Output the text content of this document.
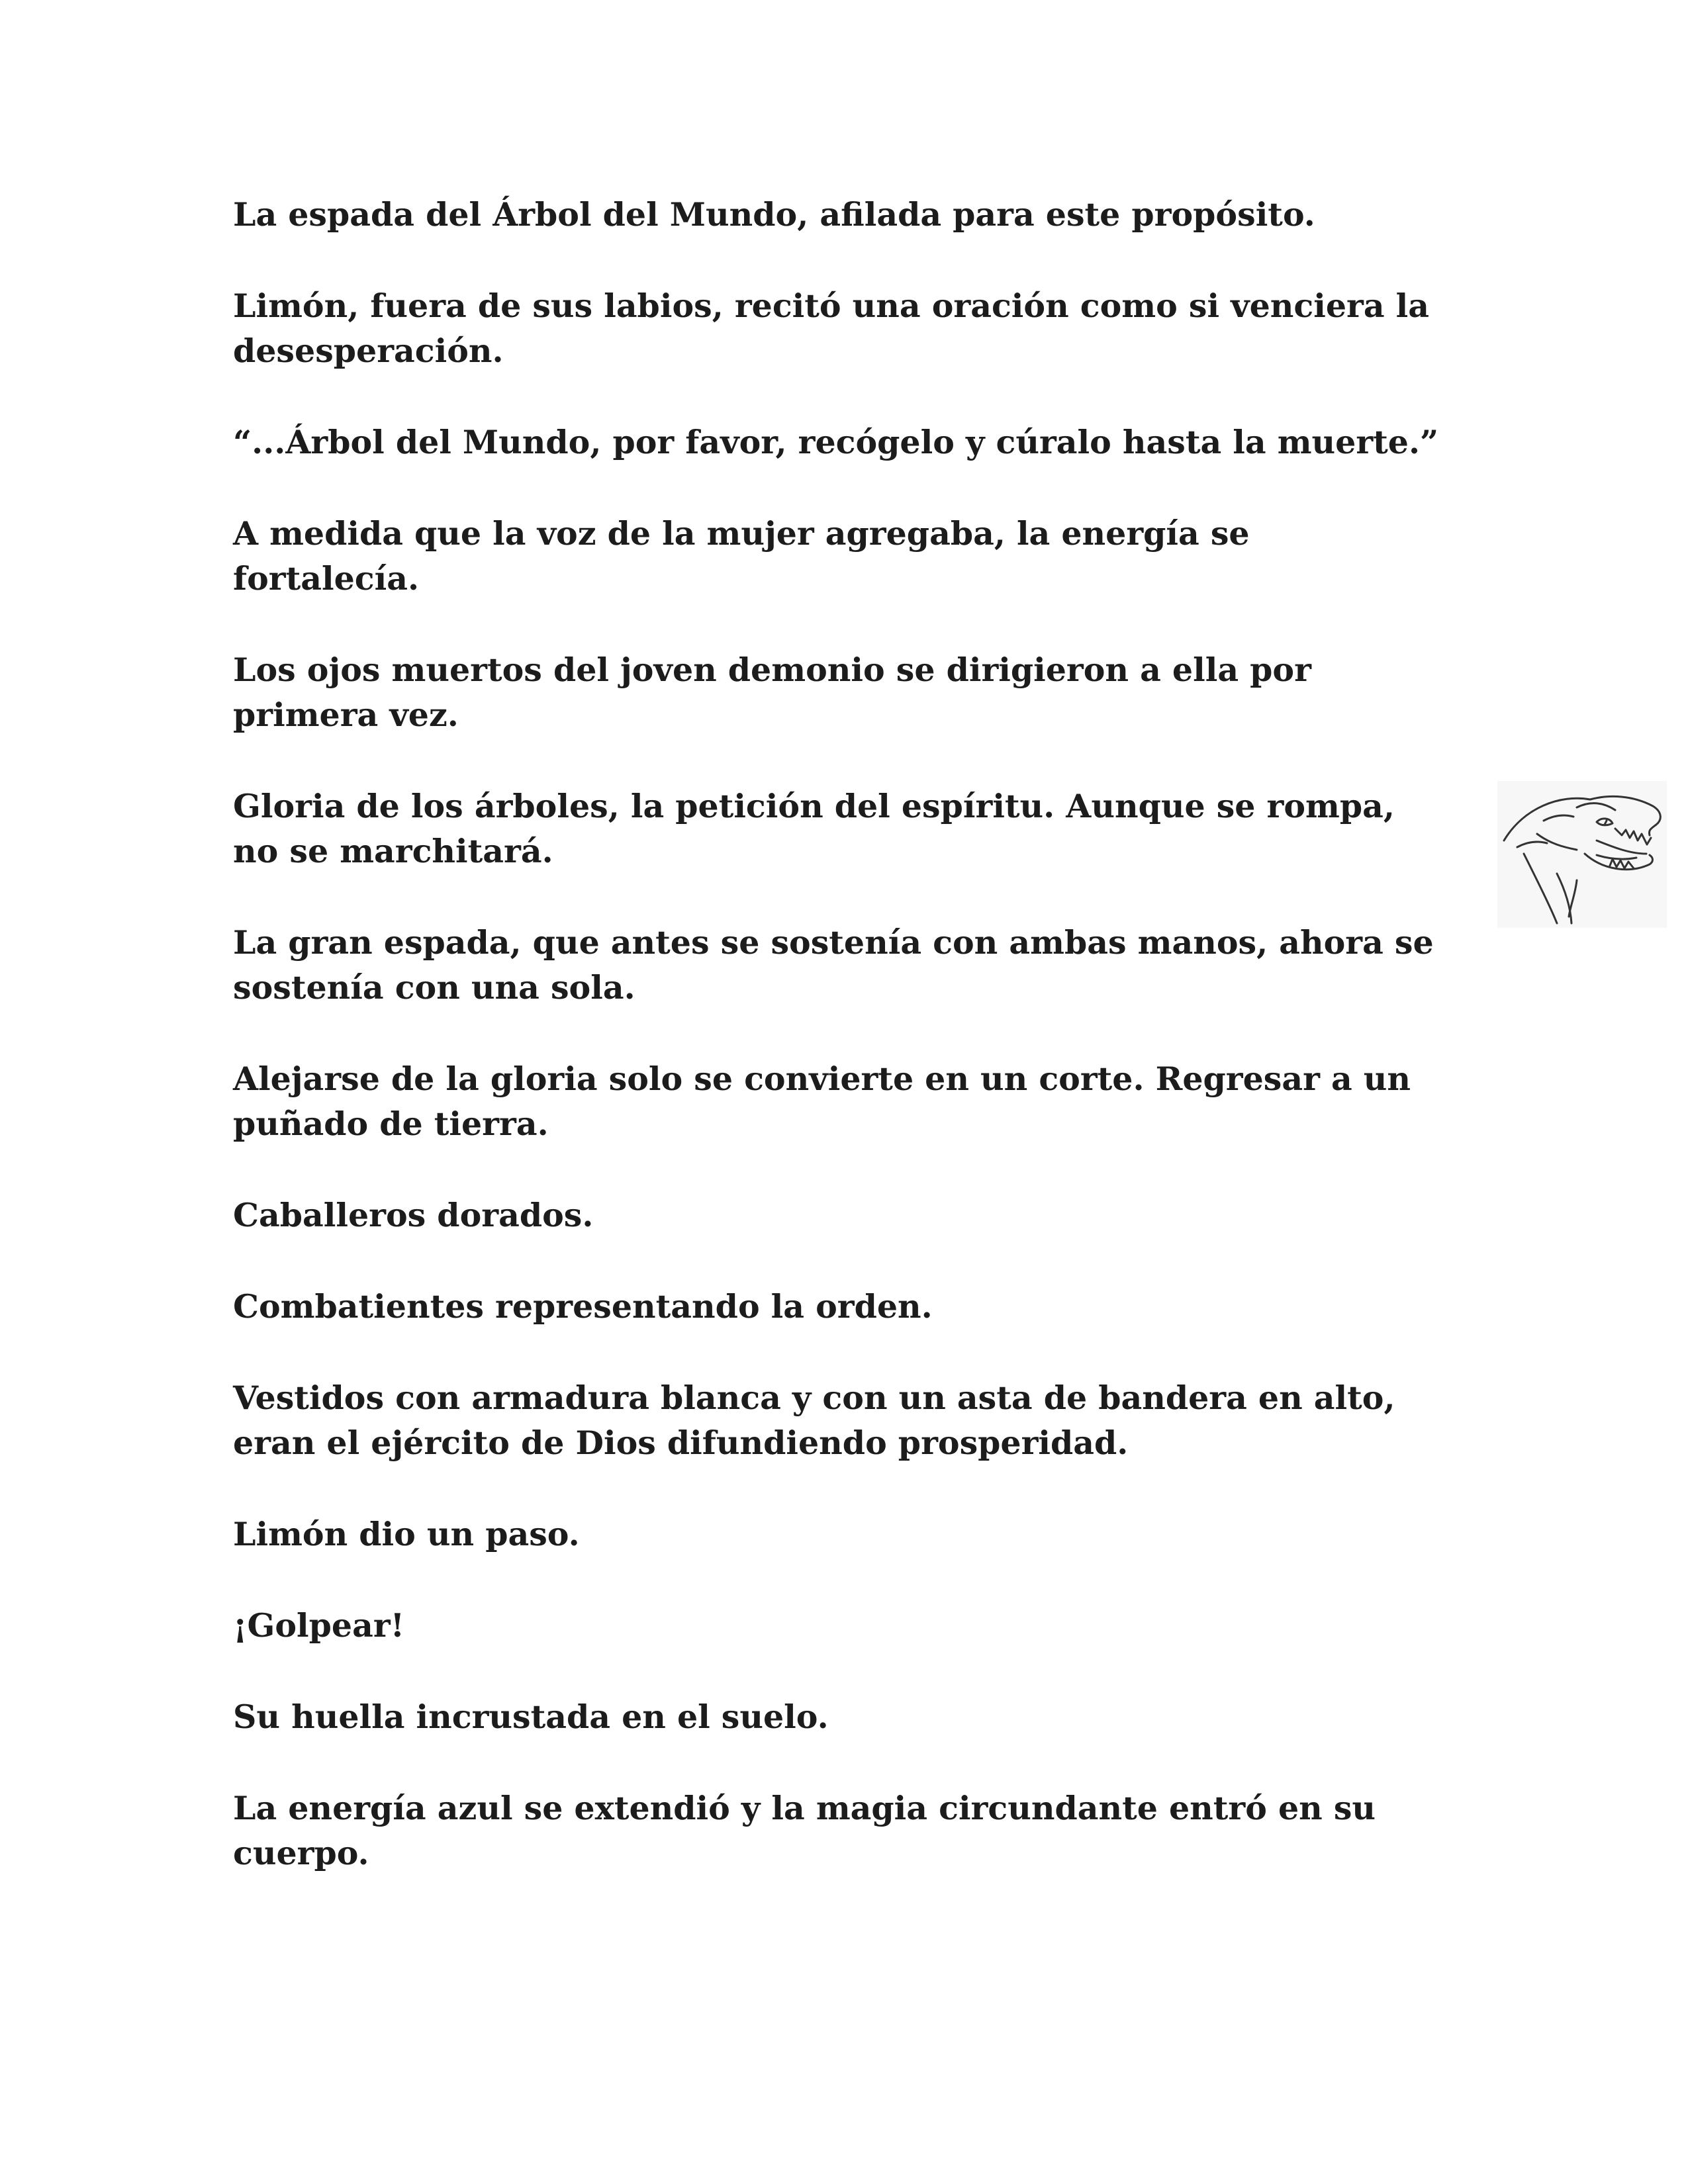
La espada del Árbol del Mundo, afilada para este propósito.

Limón, fuera de sus labios, recitó una oración como si venciera la desesperación.

“...Árbol del Mundo, por favor, recógelo y cúralo hasta la muerte.”

A medida que la voz de la mujer agregaba, la energía se fortalecía.

Los ojos muertos del joven demonio se dirigieron a ella por primera vez.

Gloria de los árboles, la petición del espíritu. Aunque se rompa, no se marchitará.

La gran espada, que antes se sostenía con ambas manos, ahora se sostenía con una sola.

Alejarse de la gloria solo se convierte en un corte. Regresar a un puñado de tierra.

Caballeros dorados.

Combatientes representando la orden.

Vestidos con armadura blanca y con un asta de bandera en alto, eran el ejército de Dios difundiendo prosperidad.

Limón dio un paso.

¡Golpear!

Su huella incrustada en el suelo.

La energía azul se extendió y la magia circundante entró en su cuerpo.
